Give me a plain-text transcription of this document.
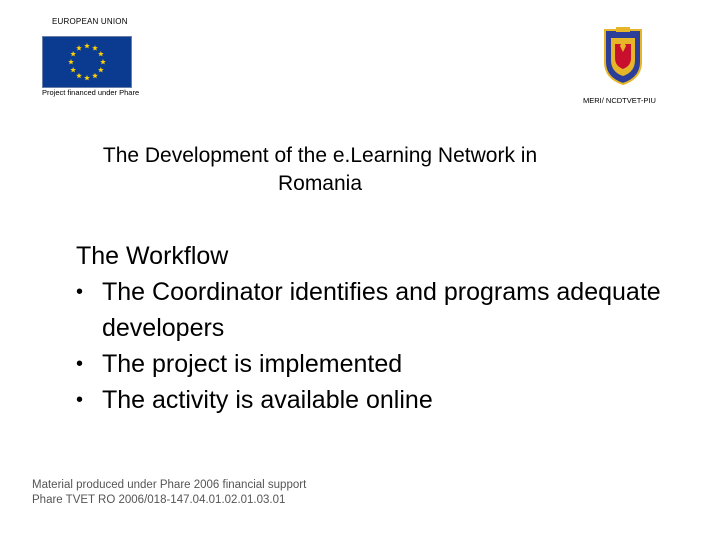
EUROPEAN UNION
Project financed under Phare
MERI/ NCDTVET-PIU
The Development of the e.Learning Network in Romania
The Workflow
• The Coordinator identifies and programs adequate developers
• The project is implemented
• The activity is available online
Material produced under Phare 2006 financial support
Phare TVET RO 2006/018-147.04.01.02.01.03.01
